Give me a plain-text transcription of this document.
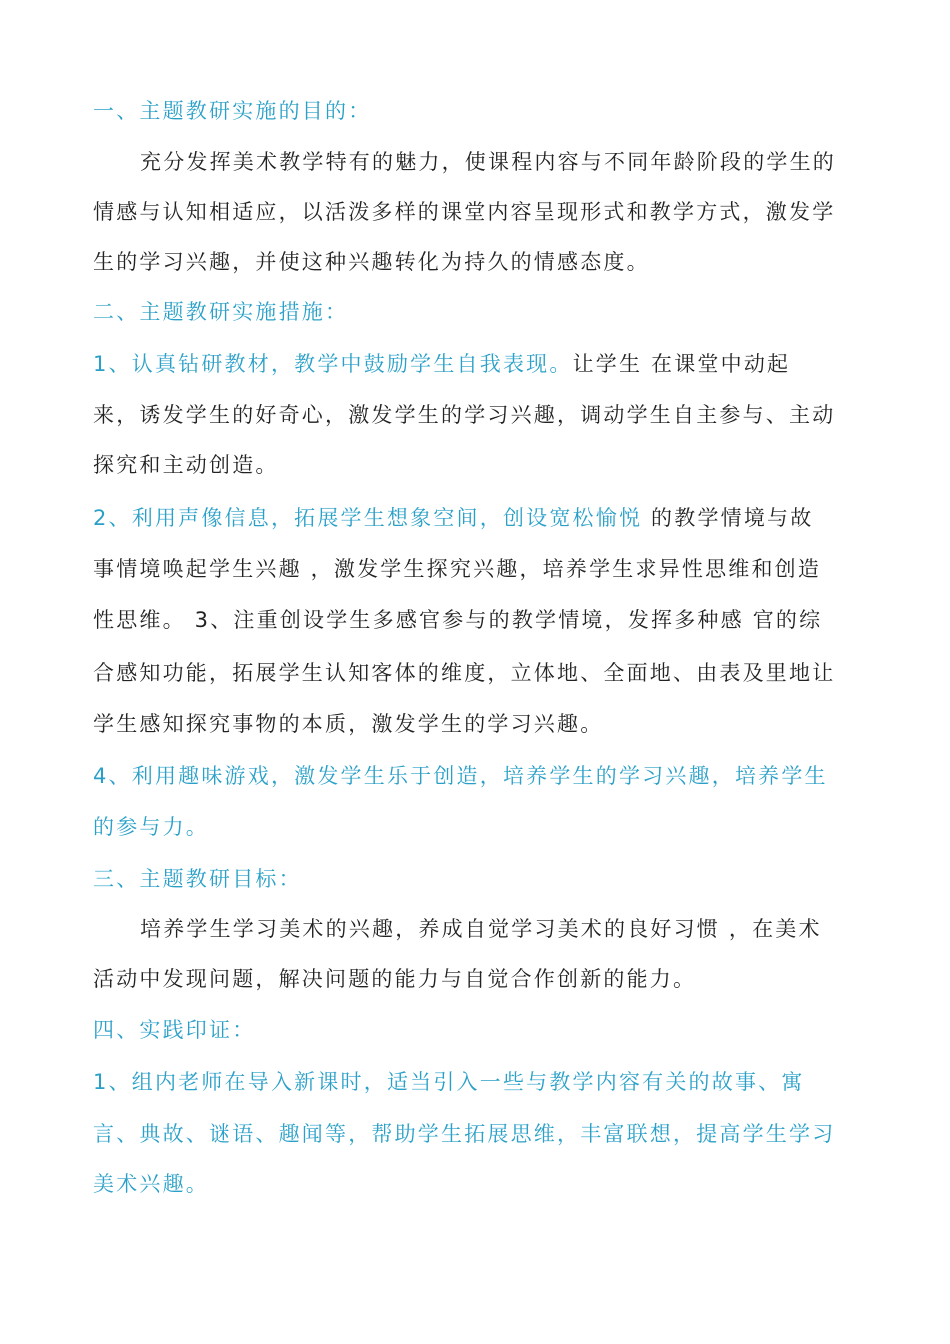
一、主题教研实施的目的：
充分发挥美术教学特有的魅力，使课程内容与不同年龄阶段的学生的
情感与认知相适应，以活泼多样的课堂内容呈现形式和教学方式，激发学
生的学习兴趣，并使这种兴趣转化为持久的情感态度。
二、主题教研实施措施：
1、认真钻研教材，教学中鼓励学生自我表现。让学生 在课堂中动起
来，诱发学生的好奇心，激发学生的学习兴趣，调动学生自主参与、主动
探究和主动创造。
2、利用声像信息，拓展学生想象空间，创设宽松愉悦 的教学情境与故
事情境唤起学生兴趣 ，激发学生探究兴趣，培养学生求异性思维和创造
性思维。 3、注重创设学生多感官参与的教学情境，发挥多种感 官的综
合感知功能，拓展学生认知客体的维度，立体地、全面地、由表及里地让
学生感知探究事物的本质，激发学生的学习兴趣。
4、利用趣味游戏，激发学生乐于创造，培养学生的学习兴趣，培养学生
的参与力。
三、主题教研目标：
培养学生学习美术的兴趣，养成自觉学习美术的良好习惯 ，在美术
活动中发现问题，解决问题的能力与自觉合作创新的能力。
四、实践印证：
1、组内老师在导入新课时，适当引入一些与教学内容有关的故事、寓
言、典故、谜语、趣闻等，帮助学生拓展思维，丰富联想，提高学生学习
美术兴趣。
